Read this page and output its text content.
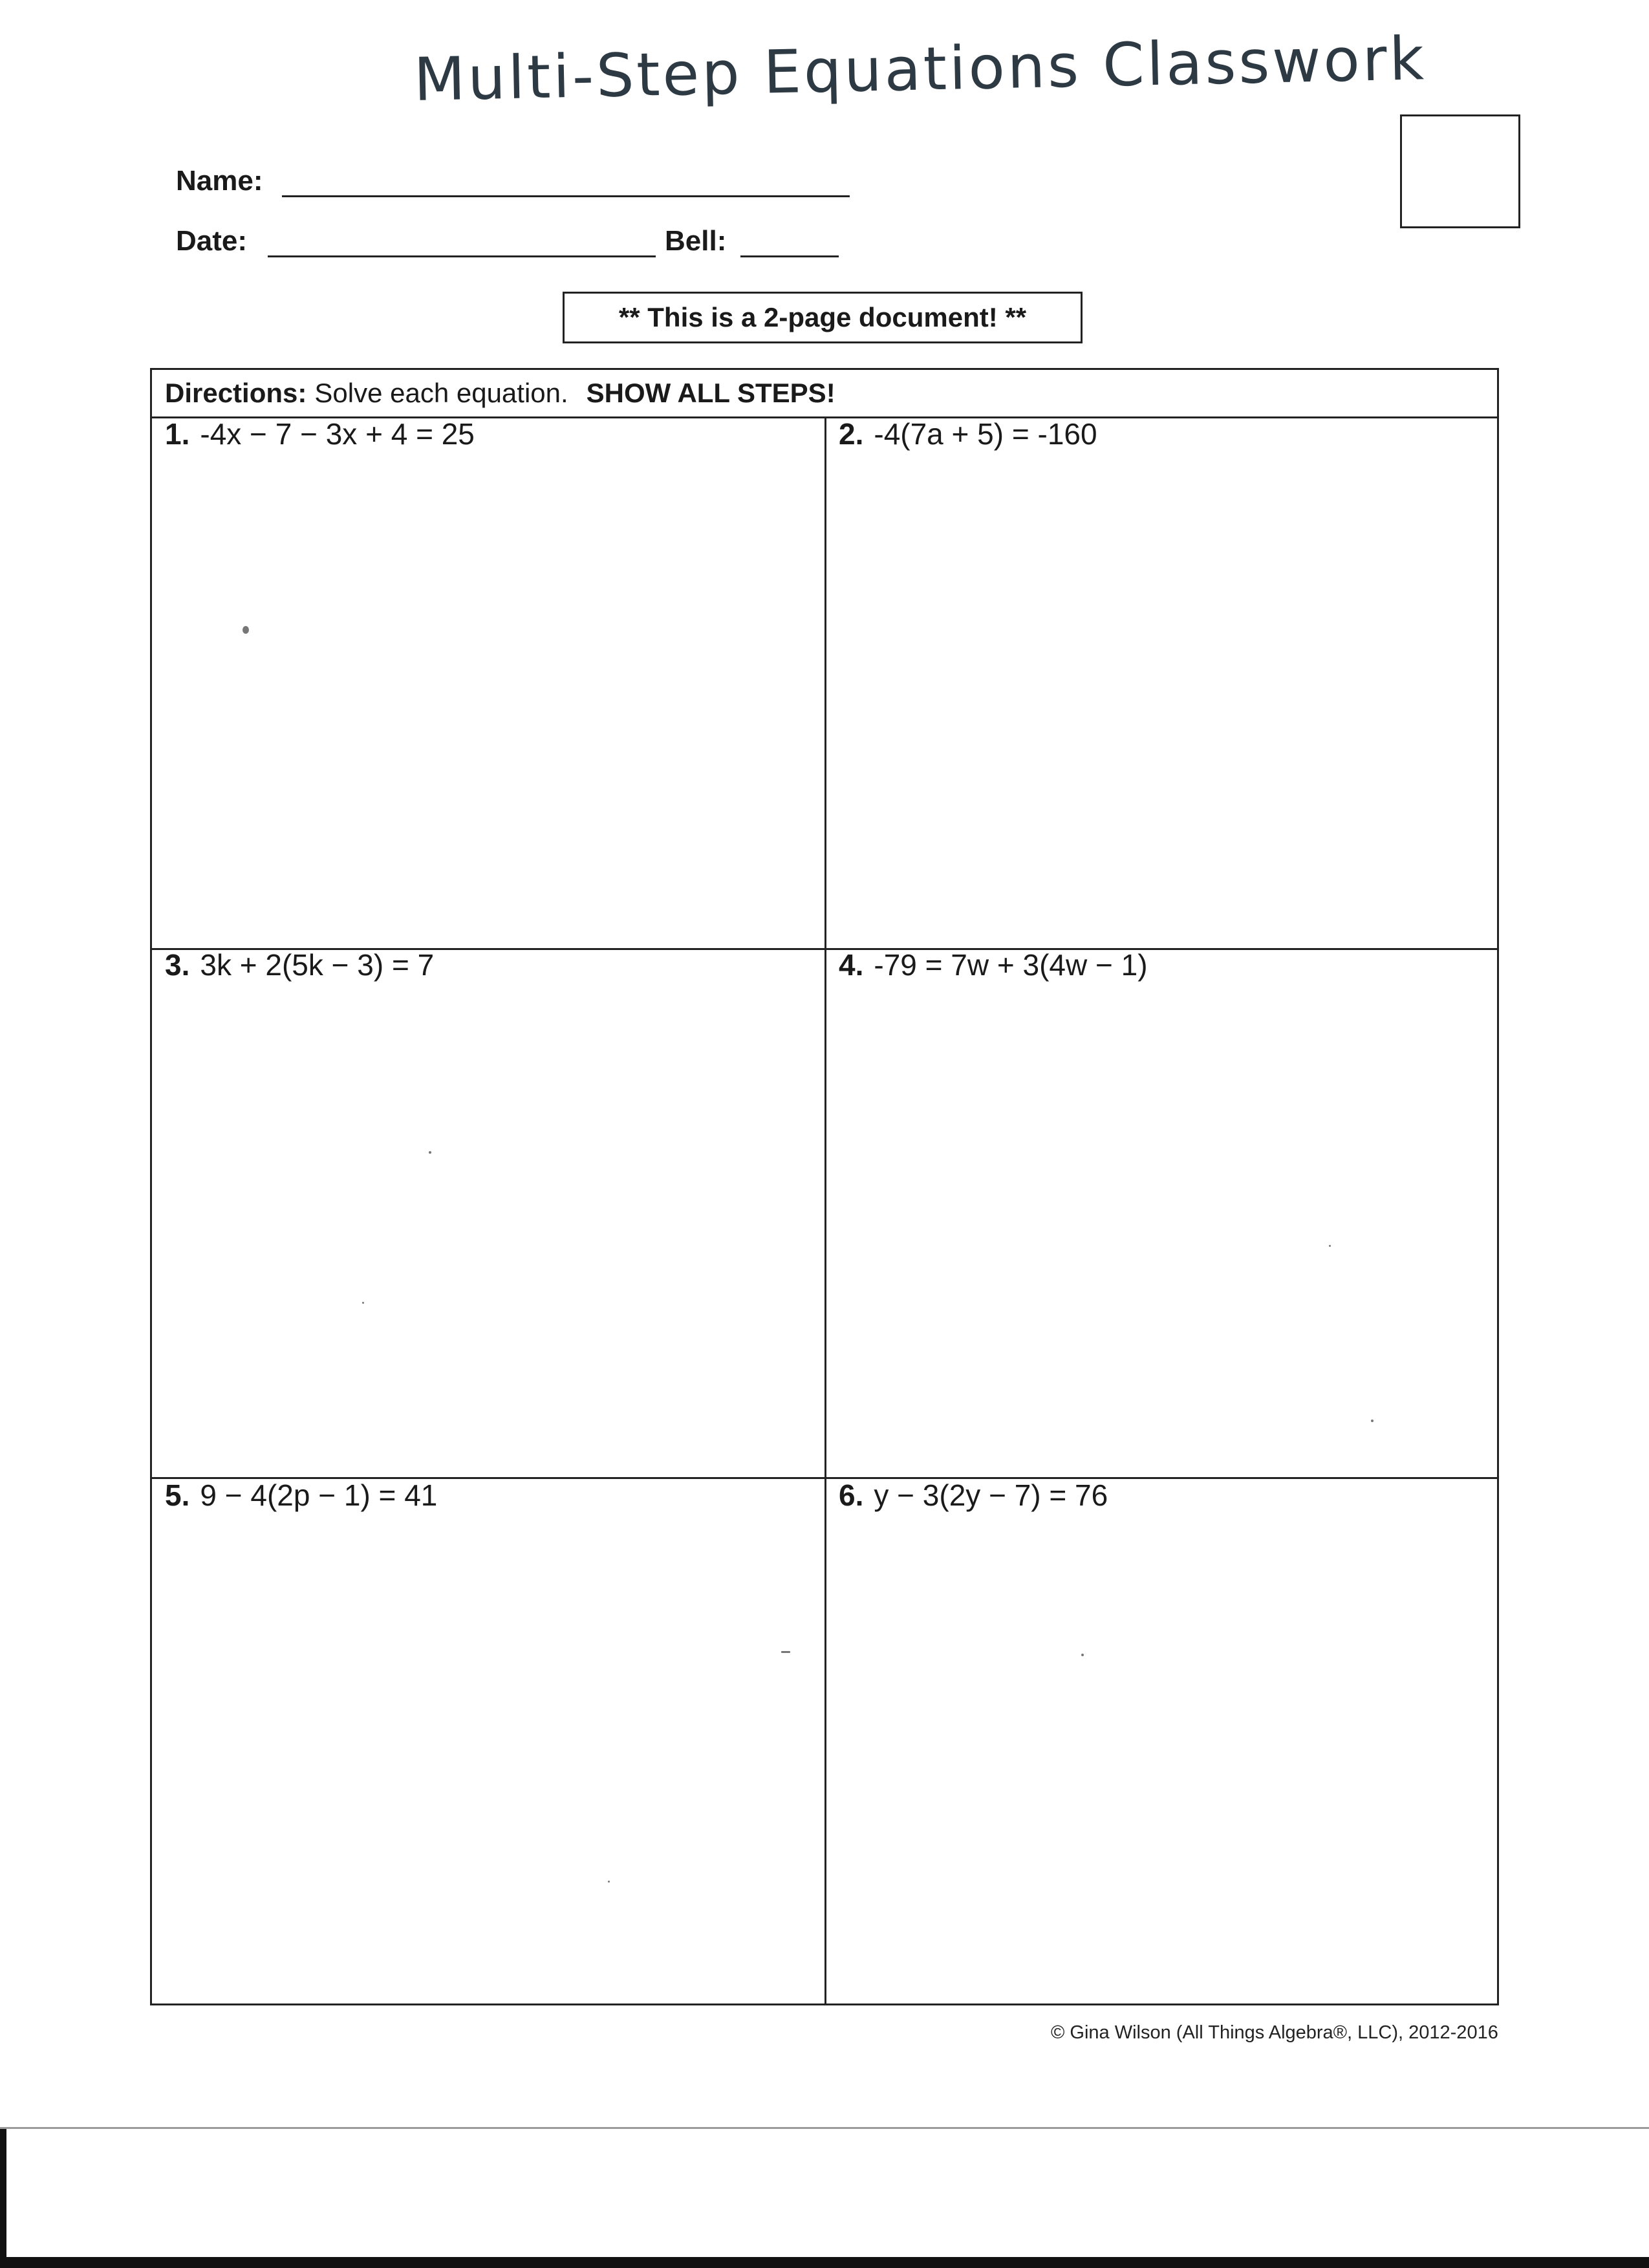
Multi-Step Equations Classwork
Name:
Date:	Bell:
** This is a 2-page document! **
Directions: Solve each equation. SHOW ALL STEPS!
1. -4x − 7 − 3x + 4 = 25	2. -4(7a + 5) = -160
3. 3k + 2(5k − 3) = 7	4. -79 = 7w + 3(4w − 1)
5. 9 − 4(2p − 1) = 41	6. y − 3(2y − 7) = 76
© Gina Wilson (All Things Algebra®, LLC), 2012-2016
